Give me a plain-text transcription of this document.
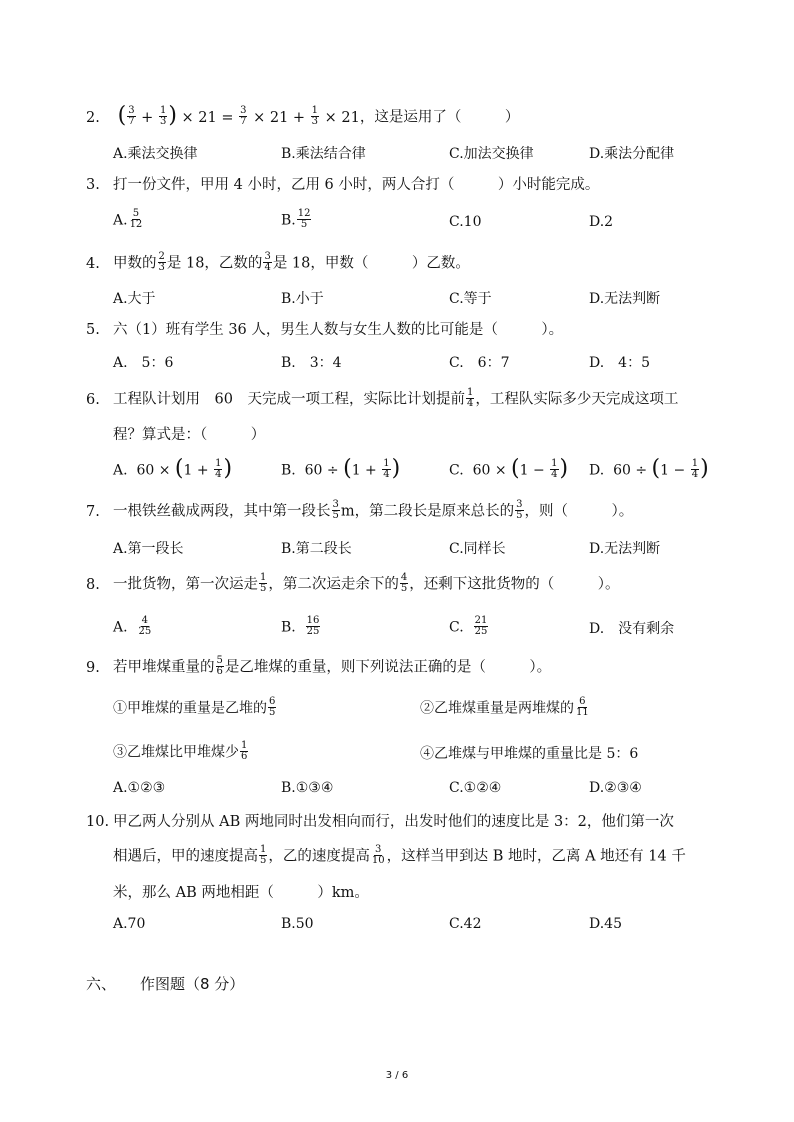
2. ( $\frac{3}{7} + \frac{1}{3}$ ) × $21 = \frac{3}{7} \times 21 + \frac{1}{3} \times 21$，这是运用了（　　　）
A.乘法交换律	B.乘法结合律	C.加法交换律	D.乘法分配律
3. 打一份文件，甲用 4 小时，乙用 6 小时，两人合打（　　　）小时能完成。
A. $\frac{5}{12}$	B. $\frac{12}{5}$	C.10	D.2
4. 甲数的 $\frac{2}{3}$ 是 18，乙数的 $\frac{3}{4}$ 是 18，甲数（　　　）乙数。
A.大于	B.小于	C.等于	D.无法判断
5. 六（1）班有学生 36 人，男生人数与女生人数的比可能是（　　　）。
A.　5：6	B.　3：4	C.　6：7	D.　4：5
6. 工程队计划用　60　天完成一项工程，实际比计划提前 $\frac{1}{4}$ ，工程队实际多少天完成这项工
程？算式是：（　　　）
A.  $60 \times (1 + \frac{1}{4}$ )	B.  $60 \div (1 + \frac{1}{4}$ )	C.  $60 \times (1 - \frac{1}{4}$ ) D.  $60 \div (1 - \frac{1}{4}$ )
7. 一根铁丝截成两段，其中第一段长 $\frac{3}{5}$ m，第二段长是原来总长的 $\frac{3}{5}$ ，则（　　　）。
A.第一段长	B.第二段长	C.同样长	D.无法判断
8. 一批货物，第一次运走 $\frac{1}{5}$ ，第二次运走余下的 $\frac{4}{5}$ ，还剩下这批货物的（　　　）。
A. $\frac{4}{25}$	B. $\frac{16}{25}$	C. $\frac{21}{25}$	D.　没有剩余
9. 若甲堆煤重量的 $\frac{5}{6}$ 是乙堆煤的重量，则下列说法正确的是（　　　）。
①甲堆煤的重量是乙堆的 $\frac{6}{5}$	②乙堆煤重量是两堆煤的 $\frac{6}{11}$
③乙堆煤比甲堆煤少 $\frac{1}{6}$	④乙堆煤与甲堆煤的重量比是 5：6
A.①②③	B.①③④	C.①②④	D.②③④
10. 甲乙两人分别从 AB 两地同时出发相向而行，出发时他们的速度比是 3：2，他们第一次
相遇后，甲的速度提高 $\frac{1}{5}$ ，乙的速度提高 $\frac{3}{10}$ ，这样当甲到达 B 地时，乙离 A 地还有 14 千
米，那么 AB 两地相距（　　　）km。
A.70	B.50	C.42	D.45
六、 作图题（8 分）
3 / 6
